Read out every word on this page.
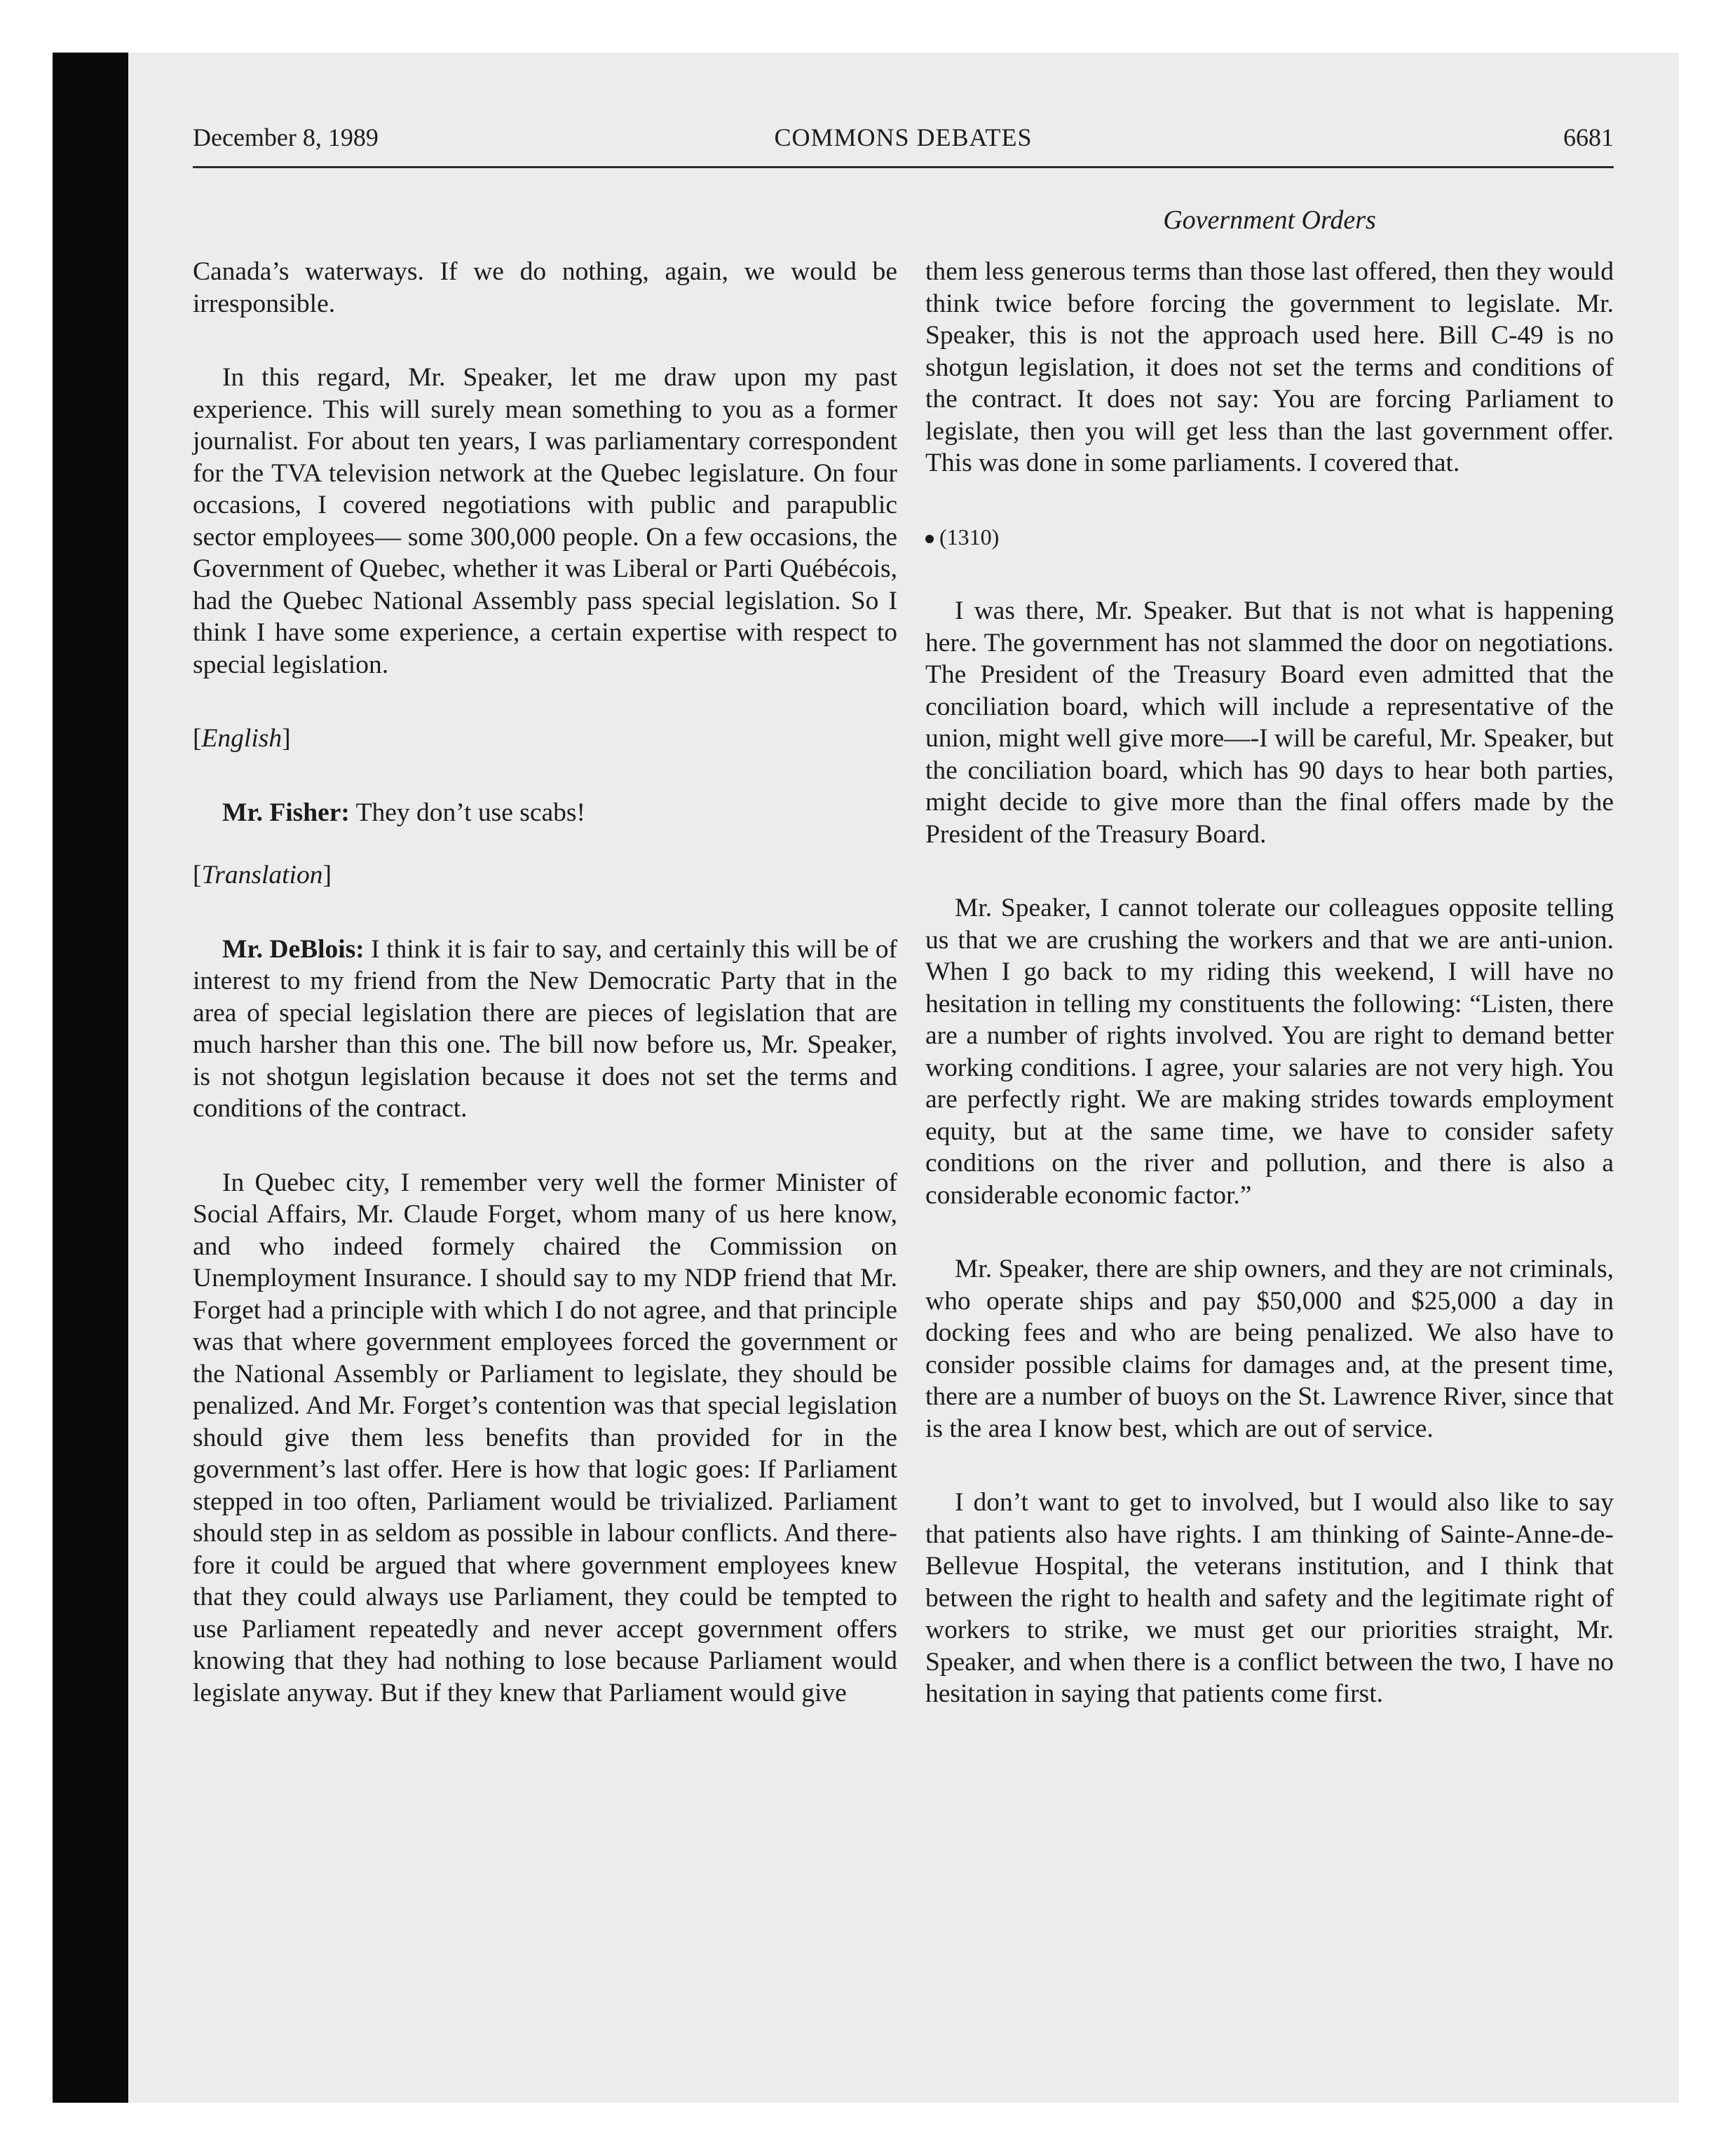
December 8, 1989	COMMONS DEBATES	6681
Government Orders

Canada’s waterways. If we do nothing, again, we would be irresponsible.

In this regard, Mr. Speaker, let me draw upon my past experience. This will surely mean something to you as a former journalist. For about ten years, I was parliamentary correspondent for the TVA television network at the Quebec legislature. On four occasions, I covered negotiations with public and parapublic sector employees— some 300,000 people. On a few occasions, the Government of Quebec, whether it was Liberal or Parti Québécois, had the Quebec National Assembly pass special legislation. So I think I have some experience, a certain expertise with respect to special legislation.

[English]

Mr. Fisher: They don’t use scabs!

[Translation]

Mr. DeBlois: I think it is fair to say, and certainly this will be of interest to my friend from the New Democratic Party that in the area of special legislation there are pieces of legislation that are much harsher than this one. The bill now before us, Mr. Speaker, is not shotgun legislation because it does not set the terms and conditions of the contract.

In Quebec city, I remember very well the former Minister of Social Affairs, Mr. Claude Forget, whom many of us here know, and who indeed formely chaired the Commission on Unemployment Insurance. I should say to my NDP friend that Mr. Forget had a principle with which I do not agree, and that principle was that where government employees forced the government or the National Assembly or Parliament to legislate, they should be penalized. And Mr. Forget’s contention was that special legislation should give them less benefits than provided for in the government’s last offer. Here is how that logic goes: If Parliament stepped in too often, Parliament would be trivialized. Parliament should step in as seldom as possible in labour conflicts. And therefore it could be argued that where government employees knew that they could always use Parliament, they could be tempted to use Parliament repeatedly and never accept government offers knowing that they had nothing to lose because Parliament would legislate anyway. But if they knew that Parliament would give

them less generous terms than those last offered, then they would think twice before forcing the government to legislate. Mr. Speaker, this is not the approach used here. Bill C-49 is no shotgun legislation, it does not set the terms and conditions of the contract. It does not say: You are forcing Parliament to legislate, then you will get less than the last government offer. This was done in some parliaments. I covered that.

(1310)

I was there, Mr. Speaker. But that is not what is happening here. The government has not slammed the door on negotiations. The President of the Treasury Board even admitted that the conciliation board, which will include a representative of the union, might well give more—-I will be careful, Mr. Speaker, but the conciliation board, which has 90 days to hear both parties, might decide to give more than the final offers made by the President of the Treasury Board.

Mr. Speaker, I cannot tolerate our colleagues opposite telling us that we are crushing the workers and that we are anti-union. When I go back to my riding this weekend, I will have no hesitation in telling my constituents the following: “Listen, there are a number of rights involved. You are right to demand better working conditions. I agree, your salaries are not very high. You are perfectly right. We are making strides towards employment equity, but at the same time, we have to consider safety conditions on the river and pollution, and there is also a considerable economic factor.”

Mr. Speaker, there are ship owners, and they are not criminals, who operate ships and pay $50,000 and $25,000 a day in docking fees and who are being penalized. We also have to consider possible claims for damages and, at the present time, there are a number of buoys on the St. Lawrence River, since that is the area I know best, which are out of service.

I don’t want to get to involved, but I would also like to say that patients also have rights. I am thinking of Sainte-Anne-de-Bellevue Hospital, the veterans institution, and I think that between the right to health and safety and the legitimate right of workers to strike, we must get our priorities straight, Mr. Speaker, and when there is a conflict between the two, I have no hesitation in saying that patients come first.
